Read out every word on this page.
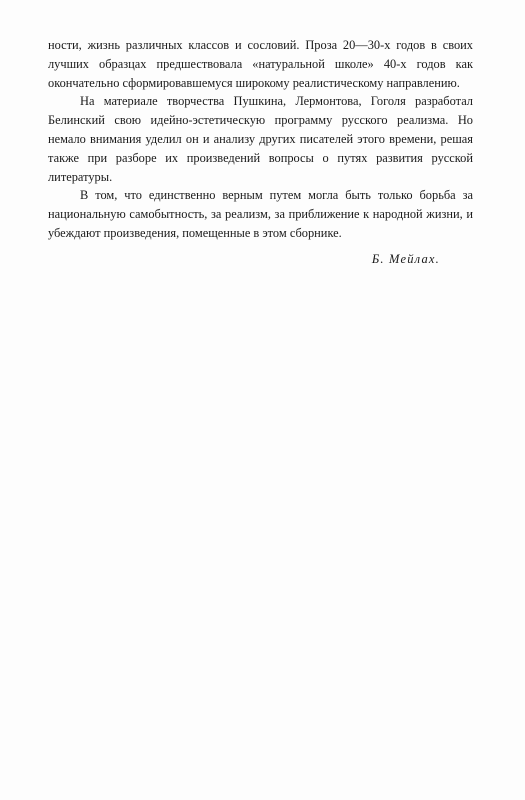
ности, жизнь различных классов и сословий. Проза 20—30-х годов в своих лучших образцах предшествовала «натуральной школе» 40-х годов как окончательно сформировавшемуся широкому реалистическому направлению.

На материале творчества Пушкина, Лермонтова, Гоголя разработал Белинский свою идейно-эстетическую программу русского реализма. Но немало внимания уделил он и анализу других писателей этого времени, решая также при разборе их произведений вопросы о путях развития русской литературы.

В том, что единственно верным путем могла быть только борьба за национальную самобытность, за реализм, за приближение к народной жизни, и убеждают произведения, помещенные в этом сборнике.

Б. Мейлах.
